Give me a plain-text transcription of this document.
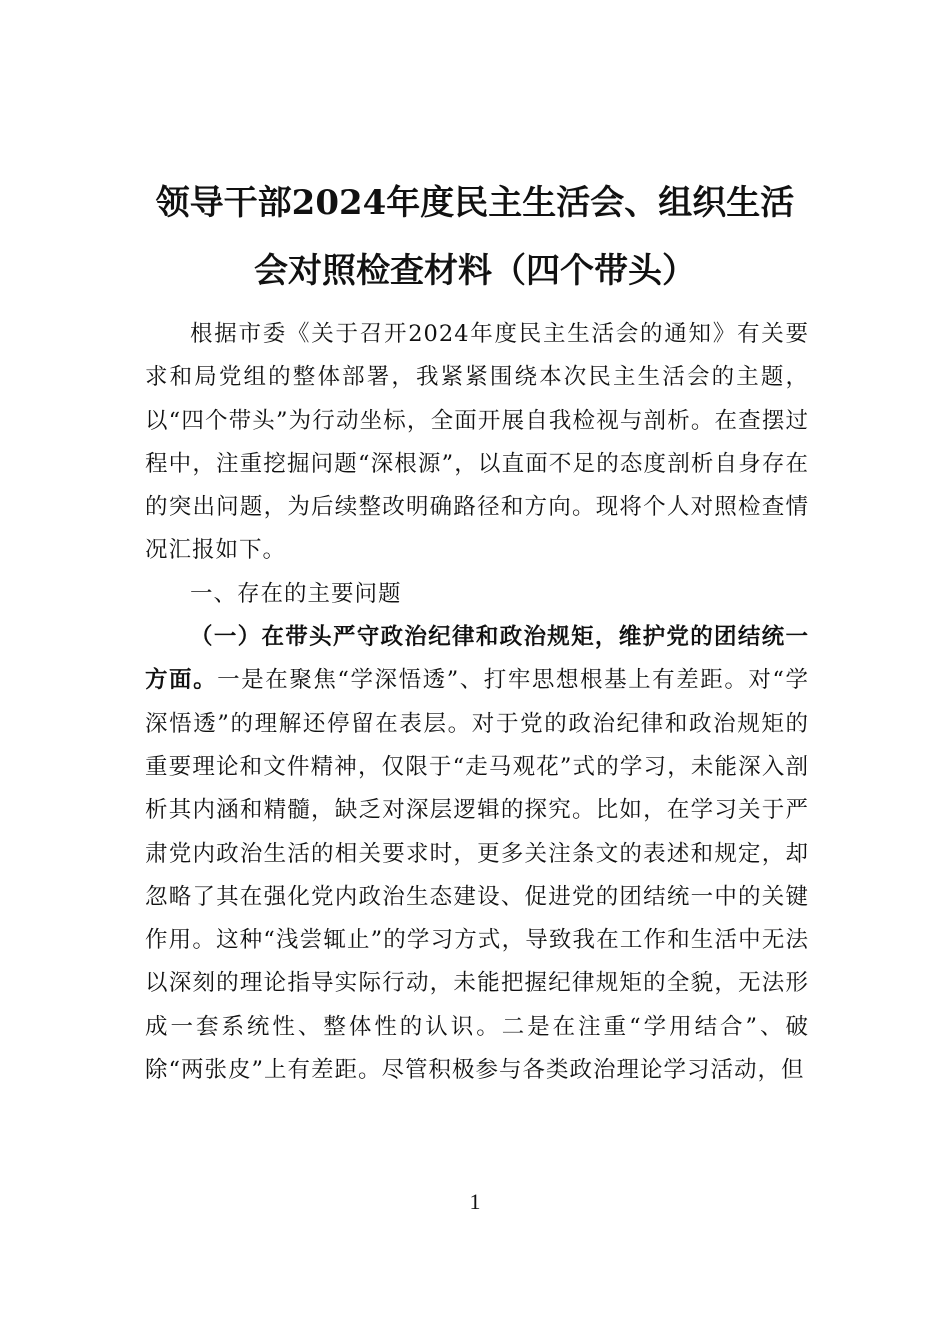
领导干部2024年度民主生活会、组织生活
会对照检查材料（四个带头）

根据市委《关于召开2024年度民主生活会的通知》有关要求和局党组的整体部署，我紧紧围绕本次民主生活会的主题，以“四个带头”为行动坐标，全面开展自我检视与剖析。在查摆过程中，注重挖掘问题“深根源”，以直面不足的态度剖析自身存在的突出问题，为后续整改明确路径和方向。现将个人对照检查情况汇报如下。

一、存在的主要问题

（一）在带头严守政治纪律和政治规矩，维护党的团结统一方面。一是在聚焦“学深悟透”、打牢思想根基上有差距。对“学深悟透”的理解还停留在表层。对于党的政治纪律和政治规矩的重要理论和文件精神，仅限于“走马观花”式的学习，未能深入剖析其内涵和精髓，缺乏对深层逻辑的探究。比如，在学习关于严肃党内政治生活的相关要求时，更多关注条文的表述和规定，却忽略了其在强化党内政治生态建设、促进党的团结统一中的关键作用。这种“浅尝辄止”的学习方式，导致我在工作和生活中无法以深刻的理论指导实际行动，未能把握纪律规矩的全貌，无法形成一套系统性、整体性的认识。二是在注重“学用结合”、破除“两张皮”上有差距。尽管积极参与各类政治理论学习活动，但

1
